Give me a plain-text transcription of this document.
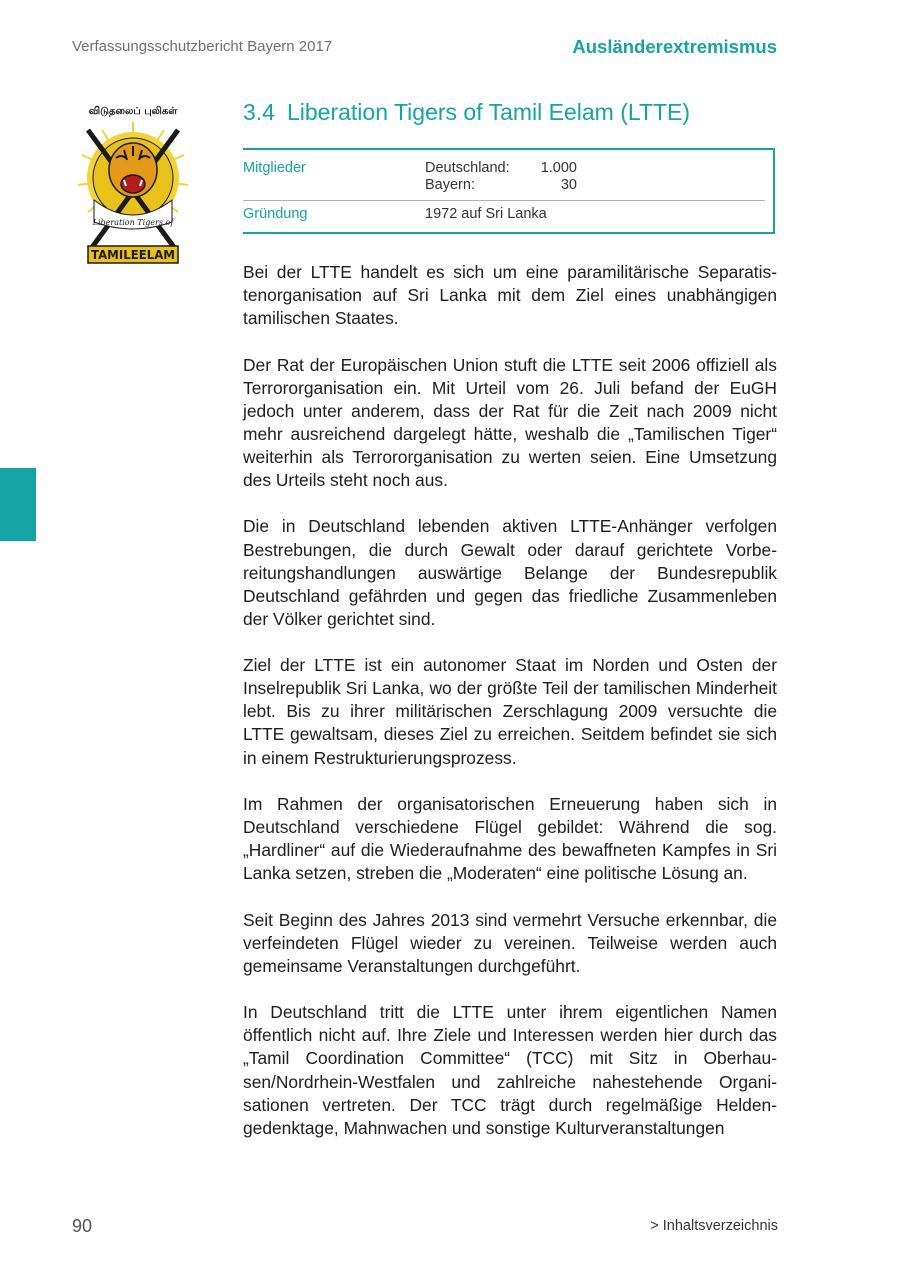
Verfassungsschutzbericht Bayern 2017	Ausländerextremismus
Liberation Tigers of
விடுதலைப் புலிகள்
TAMILEELAM
3.4 Liberation Tigers of Tamil Eelam (LTTE)
Mitglieder	Deutschland: 1.000
Bayern:	30
Gründung	1972 auf Sri Lanka

Bei der LTTE handelt es sich um eine paramilitärische Separatistenorganisation auf Sri Lanka mit dem Ziel eines unabhängigen tamilischen Staates.

Der Rat der Europäischen Union stuft die LTTE seit 2006 offiziell als Terrororganisation ein. Mit Urteil vom 26. Juli befand der EuGH jedoch unter anderem, dass der Rat für die Zeit nach 2009 nicht mehr ausreichend dargelegt hätte, weshalb die „Tamilischen Tiger“ weiterhin als Terrororganisation zu werten seien. Eine Umsetzung des Urteils steht noch aus.

Die in Deutschland lebenden aktiven LTTE-Anhänger verfolgen Bestrebungen, die durch Gewalt oder darauf gerichtete Vorbereitungshandlungen auswärtige Belange der Bundesrepublik Deutschland gefährden und gegen das friedliche Zusammenleben der Völker gerichtet sind.

Ziel der LTTE ist ein autonomer Staat im Norden und Osten der Inselrepublik Sri Lanka, wo der größte Teil der tamilischen Minderheit lebt. Bis zu ihrer militärischen Zerschlagung 2009 versuchte die LTTE gewaltsam, dieses Ziel zu erreichen. Seitdem befindet sie sich in einem Restrukturierungsprozess.

Im Rahmen der organisatorischen Erneuerung haben sich in Deutschland verschiedene Flügel gebildet: Während die sog. „Hardliner“ auf die Wiederaufnahme des bewaffneten Kampfes in Sri Lanka setzen, streben die „Moderaten“ eine politische Lösung an.

Seit Beginn des Jahres 2013 sind vermehrt Versuche erkennbar, die verfeindeten Flügel wieder zu vereinen. Teilweise werden auch gemeinsame Veranstaltungen durchgeführt.

In Deutschland tritt die LTTE unter ihrem eigentlichen Namen öffentlich nicht auf. Ihre Ziele und Interessen werden hier durch das „Tamil Coordination Committee“ (TCC) mit Sitz in Oberhausen/Nordrhein-Westfalen und zahlreiche nahestehende Organisationen vertreten. Der TCC trägt durch regelmäßige Heldengedenktage, Mahnwachen und sonstige Kulturveranstaltungen

90	> Inhaltsverzeichnis
